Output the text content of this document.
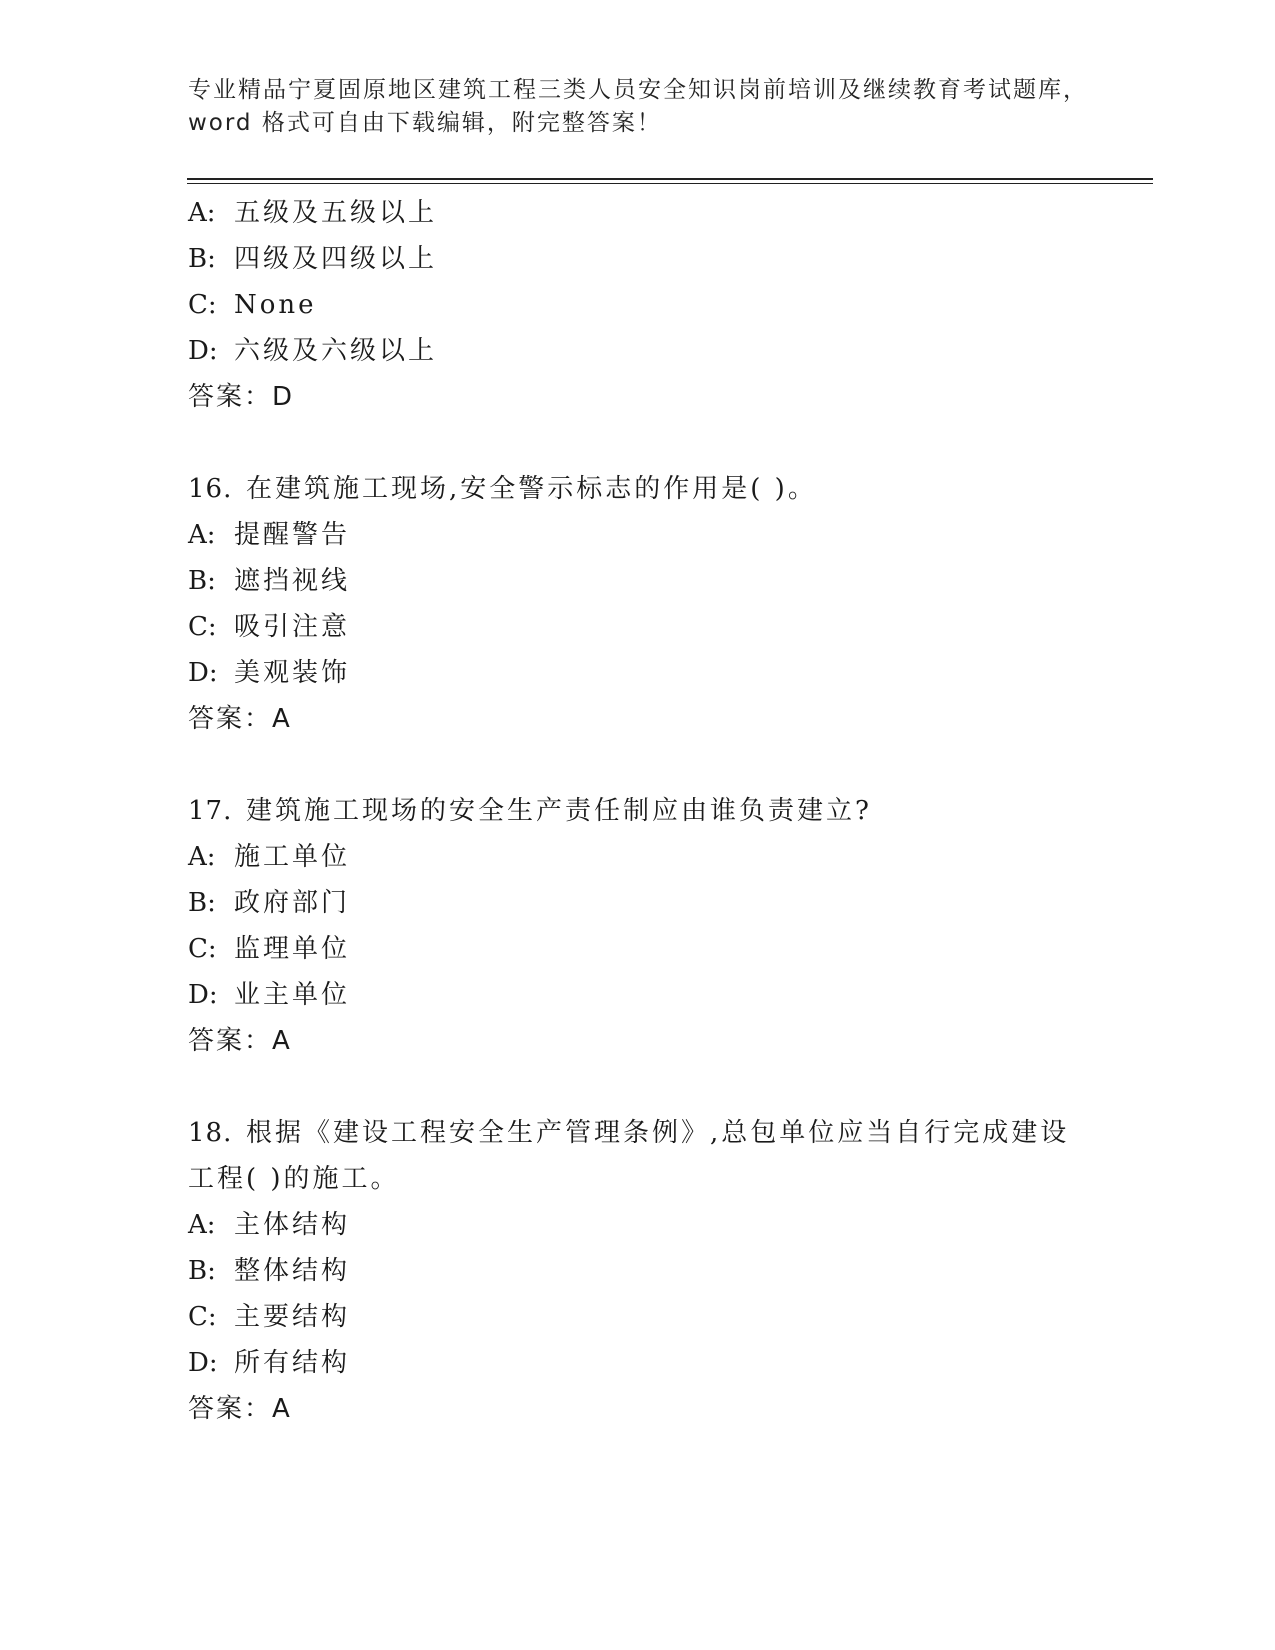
专业精品宁夏固原地区建筑工程三类人员安全知识岗前培训及继续教育考试题库，
word 格式可自由下载编辑，附完整答案！
A: 五级及五级以上
B: 四级及四级以上
C: None
D: 六级及六级以上
答案：D
16. 在建筑施工现场,安全警示标志的作用是( )。
A: 提醒警告
B: 遮挡视线
C: 吸引注意
D: 美观装饰
答案：A
17. 建筑施工现场的安全生产责任制应由谁负责建立?
A: 施工单位
B: 政府部门
C: 监理单位
D: 业主单位
答案：A
18. 根据《建设工程安全生产管理条例》,总包单位应当自行完成建设
工程( )的施工。
A: 主体结构
B: 整体结构
C: 主要结构
D: 所有结构
答案：A
